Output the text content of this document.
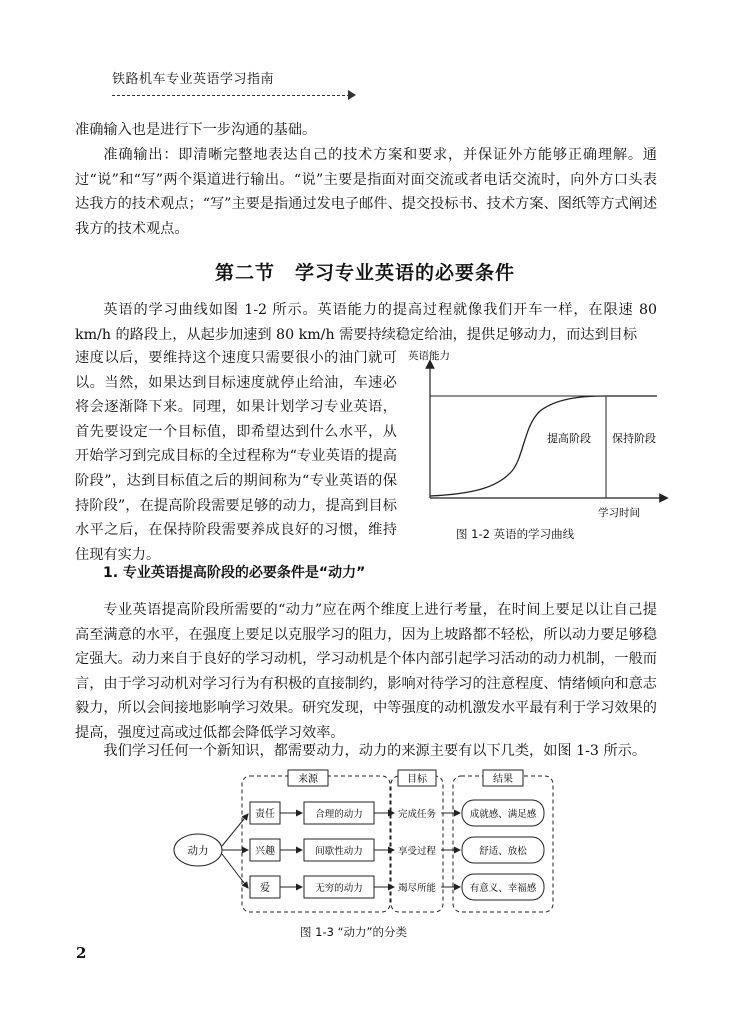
铁路机车专业英语学习指南

准确输入也是进行下一步沟通的基础。

准确输出：即清晰完整地表达自己的技术方案和要求，并保证外方能够正确理解。通过“说”和“写”两个渠道进行输出。“说”主要是指面对面交流或者电话交流时，向外方口头表达我方的技术观点；“写”主要是指通过发电子邮件、提交投标书、技术方案、图纸等方式阐述我方的技术观点。

第二节 学习专业英语的必要条件

英语的学习曲线如图 1-2 所示。英语能力的提高过程就像我们开车一样，在限速 80 km/h 的路段上，从起步加速到 80 km/h 需要持续稳定给油，提供足够动力，而达到目标

速度以后，要维持这个速度只需要很小的油门就可以。当然，如果达到目标速度就停止给油，车速必将会逐渐降下来。同理，如果计划学习专业英语，首先要设定一个目标值，即希望达到什么水平，从开始学习到完成目标的全过程称为“专业英语的提高阶段”，达到目标值之后的期间称为“专业英语的保持阶段”，在提高阶段需要足够的动力，提高到目标水平之后，在保持阶段需要养成良好的习惯，维持住现有实力。

英语能力
学习时间
提高阶段 保持阶段
图 1-2 英语的学习曲线
1. 专业英语提高阶段的必要条件是“动力”

专业英语提高阶段所需要的“动力”应在两个维度上进行考量，在时间上要足以让自己提高至满意的水平，在强度上要足以克服学习的阻力，因为上坡路都不轻松，所以动力要足够稳定强大。动力来自于良好的学习动机，学习动机是个体内部引起学习活动的动力机制，一般而言，由于学习动机对学习行为有积极的直接制约，影响对待学习的注意程度、情绪倾向和意志毅力，所以会间接地影响学习效果。研究发现，中等强度的动机激发水平最有利于学习效果的提高，强度过高或过低都会降低学习效率。

我们学习任何一个新知识，都需要动力，动力的来源主要有以下几类，如图 1-3 所示。

来源	目标	结果
动力
责任	合理的动力	完成任务	成就感、满足感
兴趣	间歇性动力	享受过程	舒适、放松
爱	无穷的动力	竭尽所能	有意义、幸福感
图 1-3 “动力”的分类
2
